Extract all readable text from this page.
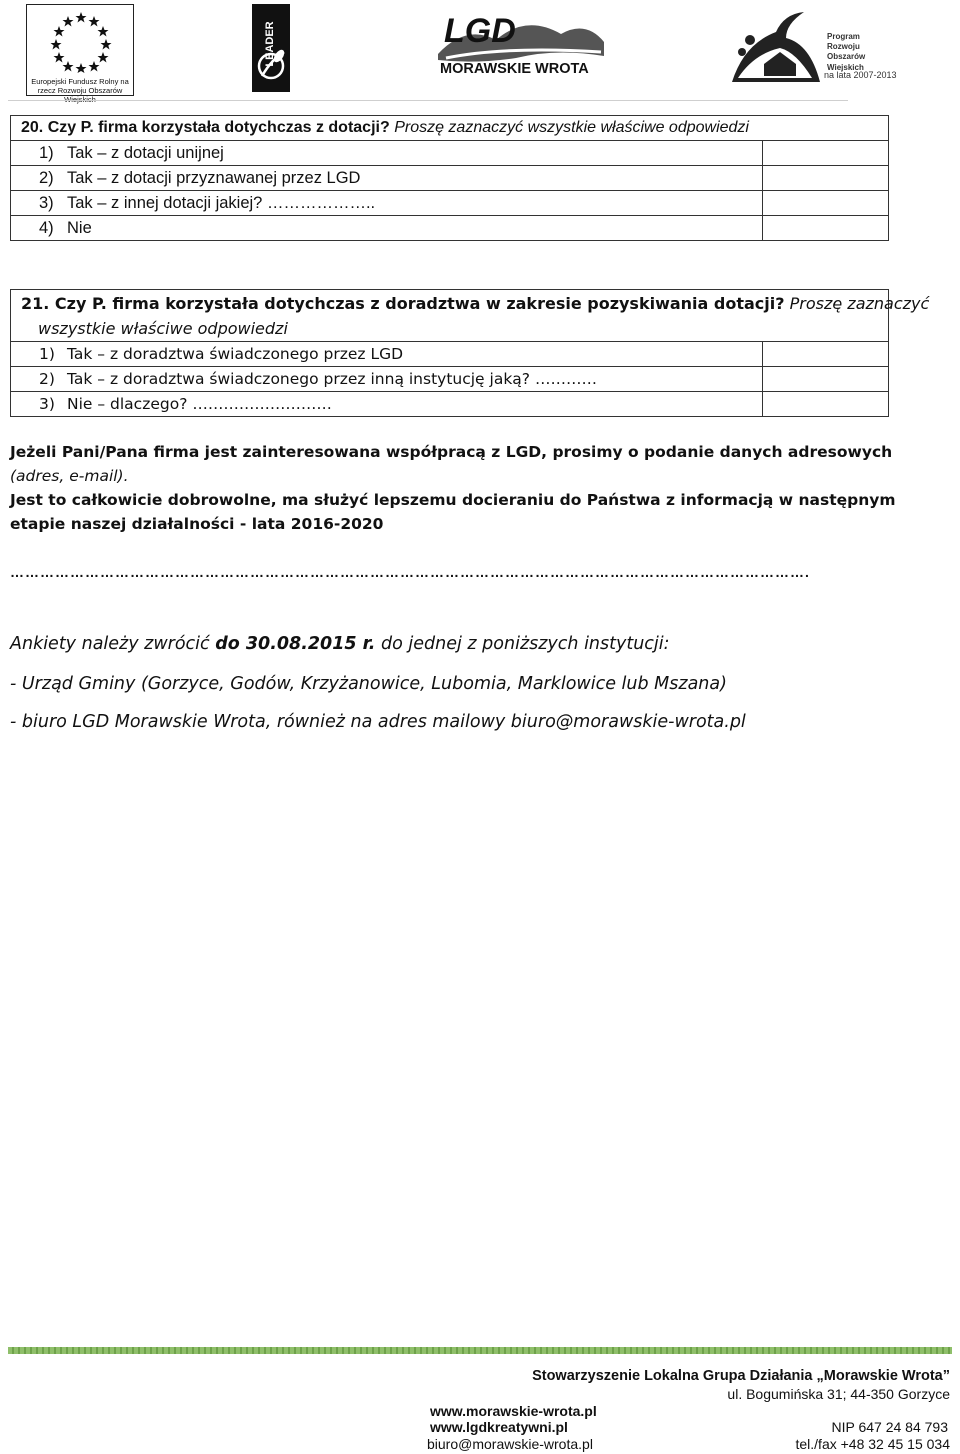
Europejski Fundusz Rolny na rzecz Rozwoju Obszarów Wiejskich
LEADER	LGD
MORAWSKIE WROTA
Program
Rozwoju
Obszarów
Wiejskich
na lata 2007-2013
20. Czy P. firma korzystała dotychczas z dotacji? Proszę zaznaczyć wszystkie właściwe odpowiedzi	
1) Tak – z dotacji unijnej	
2) Tak – z dotacji przyznawanej przez LGD	
3) Tak – z innej dotacji jakiej? ………………..	
4) Nie	
21. Czy P. firma korzystała dotychczas z doradztwa w zakresie pozyskiwania dotacji? Proszę zaznaczyć
wszystkie właściwe odpowiedzi	

1) Tak – z doradztwa świadczonego przez LGD	
2) Tak – z doradztwa świadczonego przez inną instytucję jaką? …………	
3) Nie – dlaczego? ………………………	
Jeżeli Pani/Pana firma jest zainteresowana współpracą z LGD, prosimy o podanie danych adresowych
(adres, e-mail).
Jest to całkowicie dobrowolne, ma służyć lepszemu docieraniu do Państwa z informacją w następnym etapie naszej działalności - lata 2016-2020
…………………………………………………………………………………………………………………………………………….
Ankiety należy zwrócić do 30.08.2015 r. do jednej z poniższych instytucji:
- Urząd Gminy (Gorzyce, Godów, Krzyżanowice, Lubomia, Marklowice lub Mszana)
- biuro LGD Morawskie Wrota, również na adres mailowy biuro@morawskie-wrota.pl
Stowarzyszenie Lokalna Grupa Działania „Morawskie Wrota”
ul. Bogumińska 31; 44-350 Gorzyce
www.morawskie-wrota.pl
www.lgdkreatywni.pl
biuro@morawskie-wrota.pl
NIP 647 24 84 793
tel./fax +48 32 45 15 034
